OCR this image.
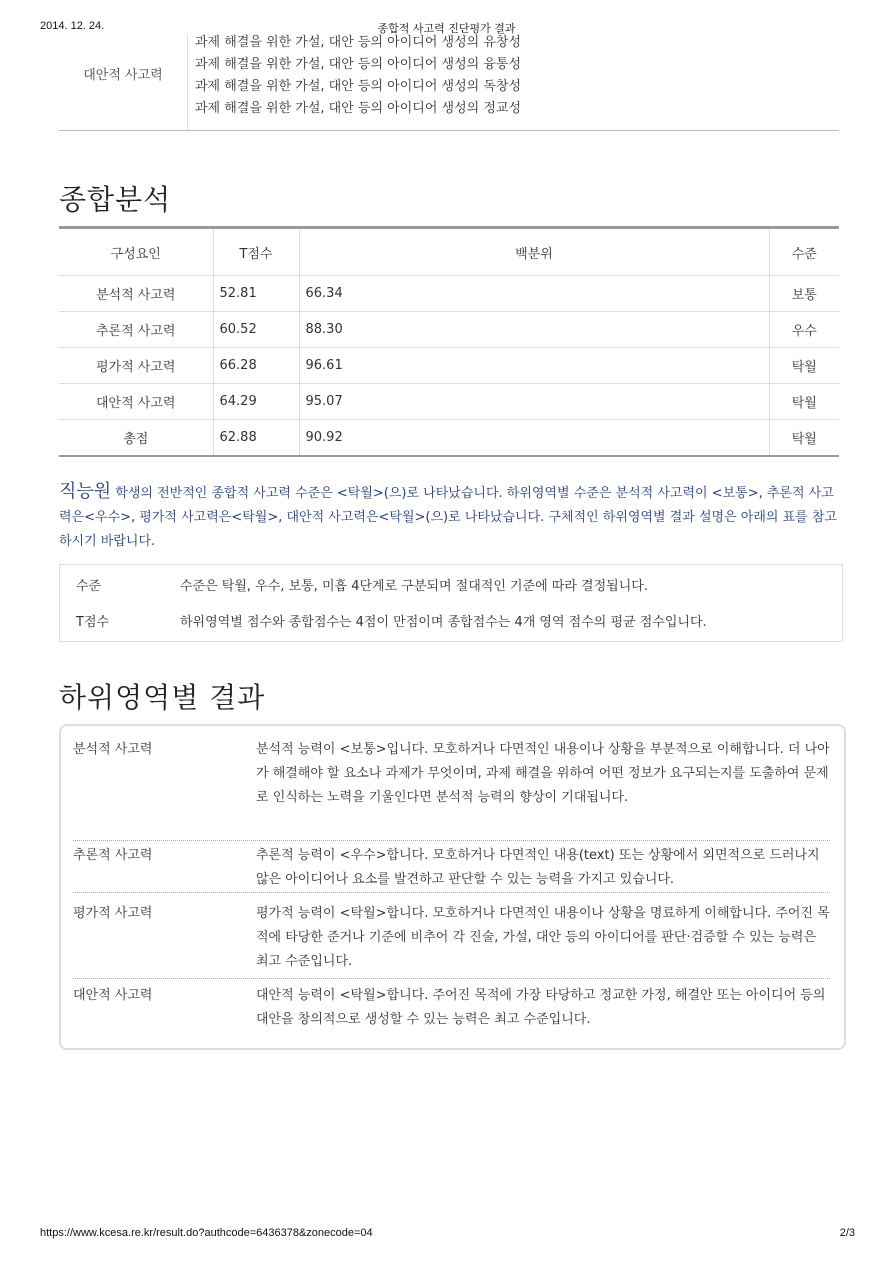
2014. 12. 24.	종합적 사고력 진단평가 결과
https://www.kcesa.re.kr/result.do?authcode=6436378&zonecode=04	2/3
대안적 사고력
과제 해결을 위한 가설, 대안 등의 아이디어 생성의 유창성
과제 해결을 위한 가설, 대안 등의 아이디어 생성의 융통성
과제 해결을 위한 가설, 대안 등의 아이디어 생성의 독창성
과제 해결을 위한 가설, 대안 등의 아이디어 생성의 정교성
종합분석
구성요인	T점수	백분위	수준
분석적 사고력	52.81	66.34	보통
추론적 사고력	60.52	88.30	우수
평가적 사고력	66.28	96.61	탁월
대안적 사고력	64.29	95.07	탁월
총점	62.88	90.92	탁월
직능원 학생의 전반적인 종합적 사고력 수준은 <탁월>(으)로 나타났습니다. 하위영역별 수준은 분석적 사고력이 <보통>, 추론적 사고력은<우수>, 평가적 사고력은<탁월>, 대안적 사고력은<탁월>(으)로 나타났습니다. 구체적인 하위영역별 결과 설명은 아래의 표를 참고하시기 바랍니다.
수준	수준은 탁월, 우수, 보통, 미흡 4단계로 구분되며 절대적인 기준에 따라 결정됩니다.
T점수	하위영역별 점수와 종합점수는 4점이 만점이며 종합점수는 4개 영역 점수의 평균 점수입니다.
하위영역별 결과
분석적 사고력	분석적 능력이 <보통>입니다. 모호하거나 다면적인 내용이나 상황을 부분적으로 이해합니다. 더 나아가 해결해야 할 요소나 과제가 무엇이며, 과제 해결을 위하여 어떤 정보가 요구되는지를 도출하여 문제로 인식하는 노력을 기울인다면 분석적 능력의 향상이 기대됩니다.
추론적 사고력	추론적 능력이 <우수>합니다. 모호하거나 다면적인 내용(text) 또는 상황에서 외면적으로 드러나지 않은 아이디어나 요소를 발견하고 판단할 수 있는 능력을 가지고 있습니다.
평가적 사고력	평가적 능력이 <탁월>합니다. 모호하거나 다면적인 내용이나 상황을 명료하게 이해합니다. 주어진 목적에 타당한 준거나 기준에 비추어 각 진술, 가설, 대안 등의 아이디어를 판단·검증할 수 있는 능력은 최고 수준입니다.
대안적 사고력	대안적 능력이 <탁월>합니다. 주어진 목적에 가장 타당하고 정교한 가정, 해결안 또는 아이디어 등의 대안을 창의적으로 생성할 수 있는 능력은 최고 수준입니다.
